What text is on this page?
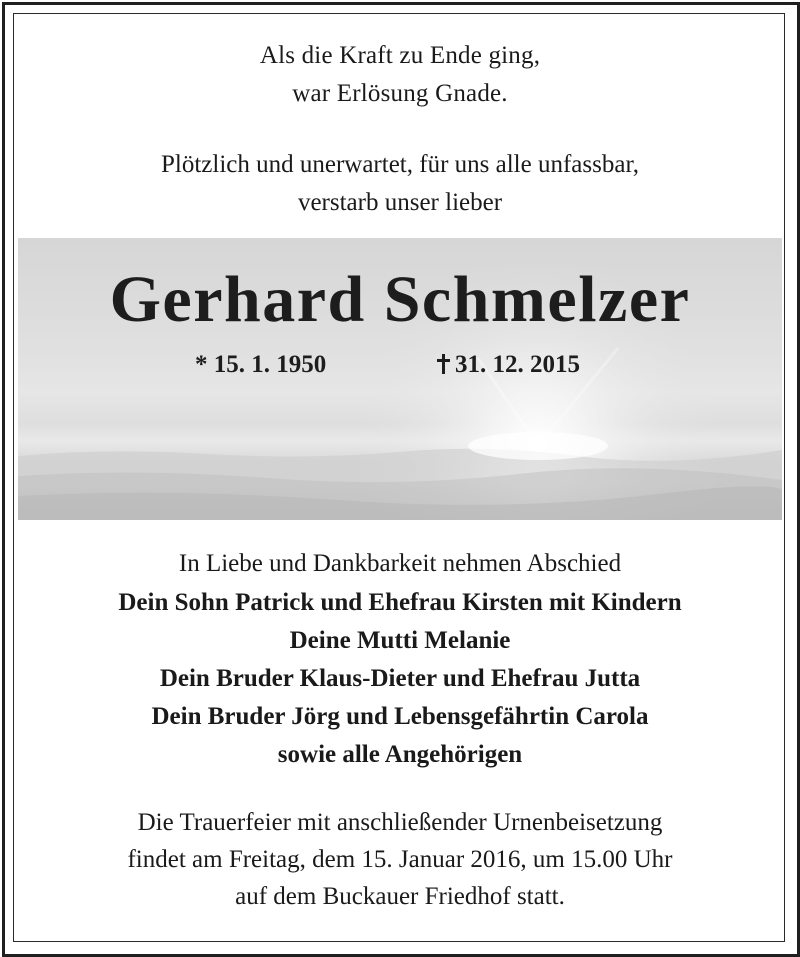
Als die Kraft zu Ende ging,
war Erlösung Gnade.
Plötzlich und unerwartet, für uns alle unfassbar,
verstarb unser lieber
Gerhard Schmelzer
* 15. 1. 1950	31. 12. 2015
In Liebe und Dankbarkeit nehmen Abschied
Dein Sohn Patrick und Ehefrau Kirsten mit Kindern
Deine Mutti Melanie
Dein Bruder Klaus-Dieter und Ehefrau Jutta
Dein Bruder Jörg und Lebensgefährtin Carola
sowie alle Angehörigen
Die Trauerfeier mit anschließender Urnenbeisetzung
findet am Freitag, dem 15. Januar 2016, um 15.00 Uhr
auf dem Buckauer Friedhof statt.
